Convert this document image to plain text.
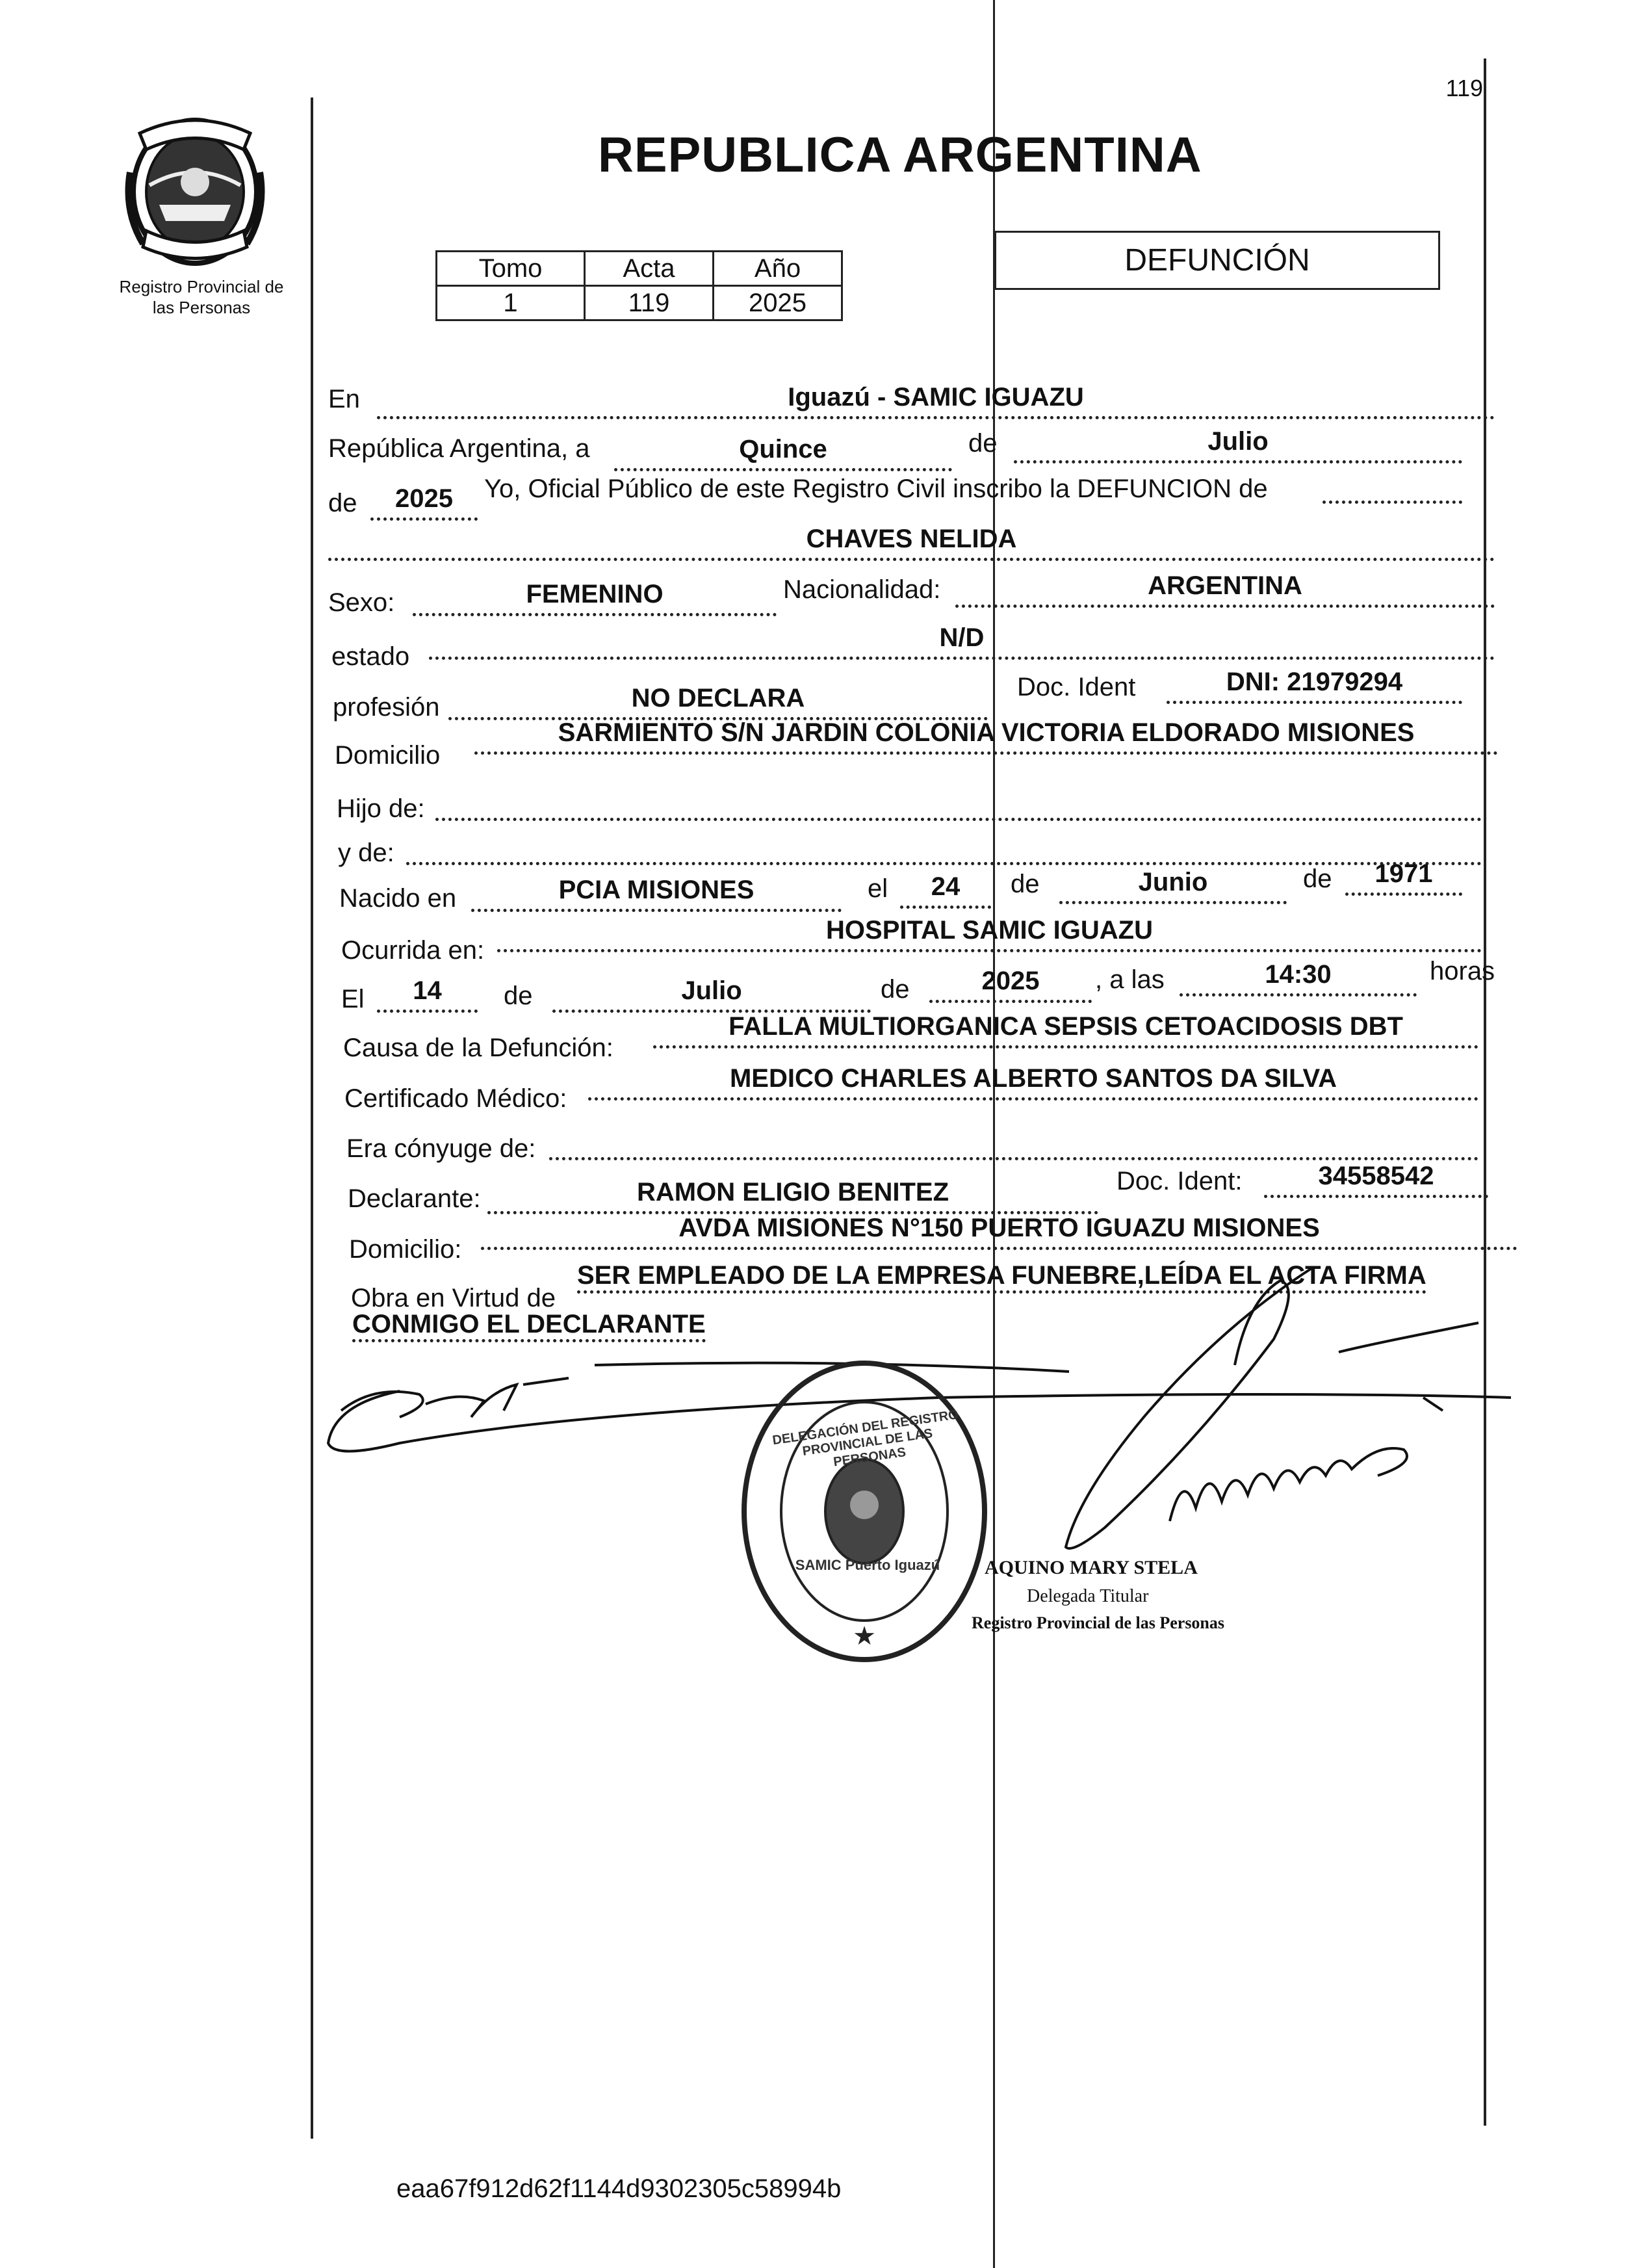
Registro Provincial de
las Personas
119
REPUBLICA ARGENTINA
Tomo	Acta	Año
1	119	2025
DEFUNCIÓN
En	Iguazú - SAMIC IGUAZU
República Argentina, a	Quince	de	Julio
de	2025	Yo, Oficial Público de este Registro Civil inscribo la DEFUNCION de
CHAVES NELIDA
Sexo:	FEMENINO	Nacionalidad:	ARGENTINA
estado
N/D
profesión	NO DECLARA	Doc. Ident	DNI: 21979294
Domicilio
SARMIENTO S/N JARDIN COLONIA VICTORIA ELDORADO MISIONES
Hijo de:
y de:
Nacido en	PCIA MISIONES	el	24	de	Junio	de	1971
Ocurrida en:
HOSPITAL SAMIC IGUAZU
El	14	de	Julio	de	2025	, a las	14:30	horas
Causa de la Defunción:
FALLA MULTIORGANICA SEPSIS CETOACIDOSIS DBT
Certificado Médico:
MEDICO CHARLES ALBERTO SANTOS DA SILVA
Era cónyuge de:
Declarante:	RAMON ELIGIO BENITEZ	Doc. Ident:	34558542
Domicilio:
AVDA MISIONES N°150 PUERTO IGUAZU MISIONES
Obra en Virtud de
SER EMPLEADO DE LA EMPRESA FUNEBRE,LEÍDA EL ACTA FIRMA
CONMIGO EL DECLARANTE
★
DELEGACIÓN DEL REGISTRO PROVINCIAL DE LAS PERSONAS
SAMIC Puerto Iguazú AQUINO MARY STELA
Delegada Titular
Registro Provincial de las Personas
eaa67f912d62f1144d9302305c58994b
